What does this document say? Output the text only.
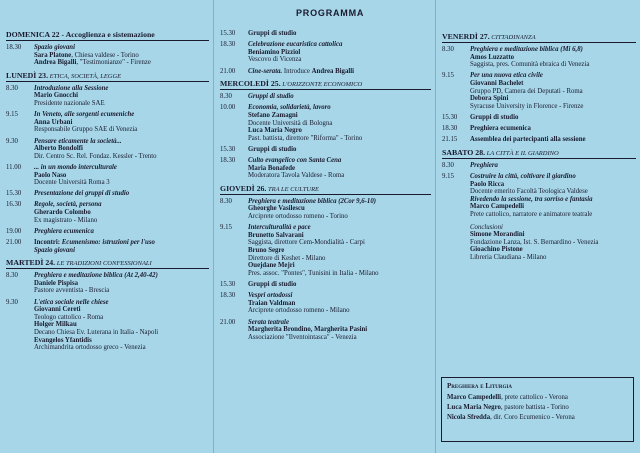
PROGRAMMA
DOMENICA 22 - Accoglienza e sistemazione
18.30	Spazio giovani
Sara Platone, Chiesa valdese - Torino
Andrea Bigalli, "Testimonianze" - Firenze
LUNEDÌ 23. ETICA, SOCIETÀ, LEGGE
8.30	Introduzione alla Sessione
Mario Gnocchi
Presidente nazionale SAE
9.15	In Veneto, alle sorgenti ecumeniche
Anna Urbani
Responsabile Gruppo SAE di Venezia
9.30	Pensare eticamente la società...
Alberto Bondolfi
Dir. Centro Sc. Rel. Fondaz. Kessler - Trento
11.00	... in un mondo interculturale
Paolo Naso
Docente Università Roma 3
15.30	Presentazione dei gruppi di studio
16.30	Regole, società, persona
Gherardo Colombo
Ex magistrato - Milano
19.00	Preghiera ecumenica
21.00	Incontri: Ecumenismo: istruzioni per l'uso
Spazio giovani
MARTEDÌ 24. LE TRADIZIONI CONFESSIONALI
8.30	Preghiera e meditazione biblica (At 2,40-42)
Daniele Pispisa
Pastore avventista - Brescia
9.30	L'etica sociale nelle chiese
Giovanni Cereti
Teologo cattolico - Roma
Holger Milkau
Decano Chiesa Ev. Luterana in Italia - Napoli
Evangelos Yfantidis
Archimandrita ortodosso greco - Venezia
15.30	Gruppi di studio
18.30	Celebrazione eucaristica cattolica
Beniamino Pizziol
Vescovo di Vicenza
21.00	Cine-serata. Introduce Andrea Bigalli
MERCOLEDÌ 25. L'ORIZZONTE ECONOMICO
8.30	Gruppi di studio
10.00	Economia, solidarietà, lavoro
Stefano Zamagni
Docente Università di Bologna
Luca Maria Negro
Past. battista, direttore "Riforma" - Torino
15.30	Gruppi di studio
18.30	Culto evangelico con Santa Cena
Maria Bonafede
Moderatora Tavola Valdese - Roma
GIOVEDÌ 26. TRA LE CULTURE
8.30	Preghiera e meditazione biblica (2Cor 9,6-10)
Gheorghe Vasilescu
Arciprete ortodosso romeno - Torino
9.15	Interculturalità e pace
Brunetto Salvarani
Saggista, direttore Cem-Mondialità - Carpi
Bruno Segre
Direttore di Keshet - Milano
Ouejdane Mejri
Pres. assoc. "Pontes", Tunisini in Italia - Milano
15.30	Gruppi di studio
18.30	Vespri ortodossi
Traian Valdman
Arciprete ortodosso romeno - Milano
21.00	Serata teatrale
Margherita Brondino, Margherita Pasini
Associazione "Ilventointasca" - Venezia
VENERDÌ 27. CITTADINANZA
8.30	Preghiera e meditazione biblica (Mi 6,8)
Amos Luzzatto
Saggista, pres. Comunità ebraica di Venezia
9.15	Per una nuova etica civile
Giovanni Bachelet
Gruppo PD, Camera dei Deputati - Roma
Debora Spini
Syracuse University in Florence - Firenze
15.30	Gruppi di studio
18.30	Preghiera ecumenica
21.15	Assemblea dei partecipanti alla sessione
SABATO 28. LA CITTÀ E IL GIARDINO
8.30	Preghiera
9.15	Costruire la città, coltivare il giardino
Paolo Ricca
Docente emerito Facoltà Teologica Valdese
Rivedendo la sessione, tra sorriso e fantasia
Marco Campedelli
Prete cattolico, narratore e animatore teatrale
Conclusioni
Simone Morandini
Fondazione Lanza, Ist. S. Bernardino - Venezia
Gioachino Pistone
Libreria Claudiana - Milano
Preghiera e Liturgia
Marco Campedelli, prete cattolico - Verona
Luca Maria Negro, pastore battista - Torino
Nicola Sfredda, dir. Coro Ecumenico - Verona
